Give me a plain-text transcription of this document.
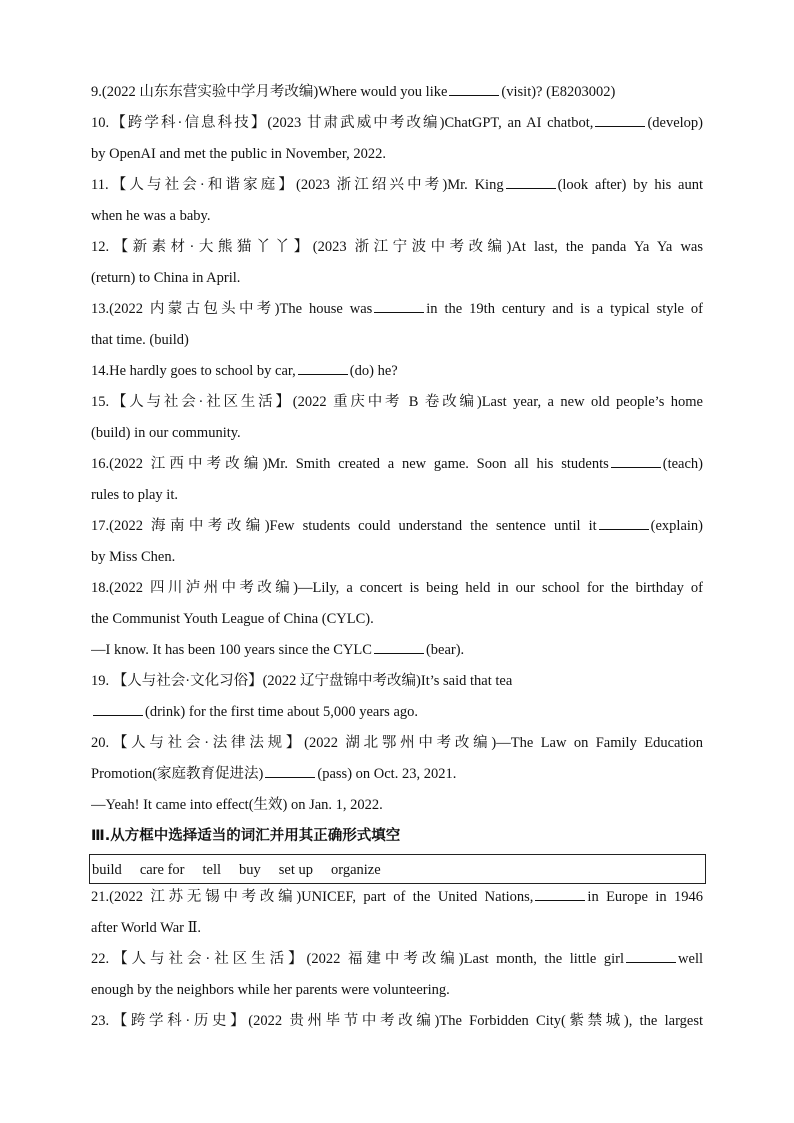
9.(2022 山东东营实验中学月考改编)Where would you like	(visit)? (E8203002)
10.【跨学科·信息科技】(2023 甘肃武威中考改编)ChatGPT, an AI chatbot,	(develop)
by OpenAI and met the public in November, 2022.
11.【人与社会·和谐家庭】(2023 浙江绍兴中考)Mr. King	(look after) by his aunt
when he was a baby.
12.【新素材·大熊猫丫丫】(2023 浙江宁波中考改编)At last, the panda Ya Ya was
(return) to China in April.
13.(2022 内蒙古包头中考)The house was	in the 19th century and is a typical style of
that time. (build)
14.He hardly goes to school by car,	(do) he?
15.【人与社会·社区生活】(2022 重庆中考 B 卷改编)Last year, a new old people’s home
(build) in our community.
16.(2022 江西中考改编)Mr. Smith created a new game. Soon all his students	(teach)
rules to play it.
17.(2022 海南中考改编)Few students could understand the sentence until it	(explain)
by Miss Chen.
18.(2022 四川泸州中考改编)—Lily, a concert is being held in our school for the birthday of
the Communist Youth League of China (CYLC).
—I know. It has been 100 years since the CYLC	(bear).
19. 【人与社会·文化习俗】(2022 辽宁盘锦中考改编)It’s said that tea
(drink) for the first time about 5,000 years ago.
20.【人与社会·法律法规】(2022 湖北鄂州中考改编)—The Law on Family Education
Promotion(家庭教育促进法)	(pass) on Oct. 23, 2021.
—Yeah! It came into effect(生效) on Jan. 1, 2022.
Ⅲ.从方框中选择适当的词汇并用其正确形式填空
build care for tell buy set up organize
21.(2022 江苏无锡中考改编)UNICEF, part of the United Nations,	in Europe in 1946
after World War Ⅱ.
22.【人与社会·社区生活】(2022 福建中考改编)Last month, the little girl	well
enough by the neighbors while her parents were volunteering.
23.【跨学科·历史】(2022 贵州毕节中考改编)The Forbidden City(紫禁城), the largest
